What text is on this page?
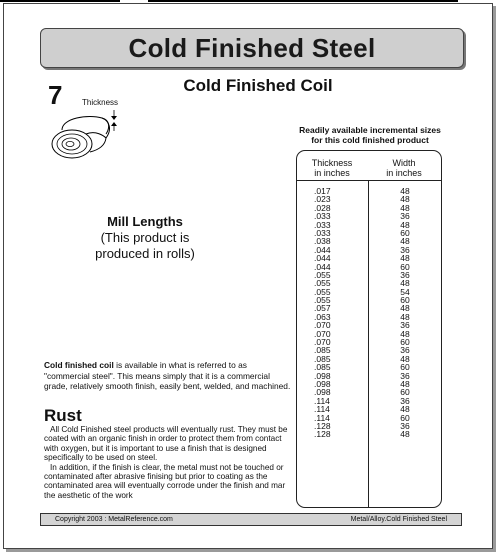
Cold Finished Steel
7	Cold Finished Coil
Thickness
Readily available incremental sizes
for this cold finished product
Thickness
in inches
Width
in inches
.017
.023
.028
.033
.033
.033
.038
.044
.044
.044
.055
.055
.055
.055
.057
.063
.070
.070
.070
.085
.085
.085
.098
.098
.098
.114
.114
.114
.128
.128
48
48
48
36
48
60
48
36
48
60
36
48
54
60
48
48
36
48
60
36
48
60
36
48
60
36
48
60
36
48
Mill Lengths
(This product is
produced in rolls)
Cold finished coil is available in what is referred to as "commercial steel". This means simply that it is a commercial grade, relatively smooth finish, easily bent, welded, and machined.
Rust

All Cold Finished steel products will eventually rust. They must be coated with an organic finish in order to protect them from contact with oxygen, but it is important to use a finish that is designed specifically to be used on steel.

In addition, if the finish is clear, the metal must not be touched or contaminated after abrasive finising but prior to coating as the contaminated area will eventually corrode under the finish and mar the aesthetic of the work

Copyright 2003 : MetalReference.com	Metal/Alloy.Cold Finished Steel
